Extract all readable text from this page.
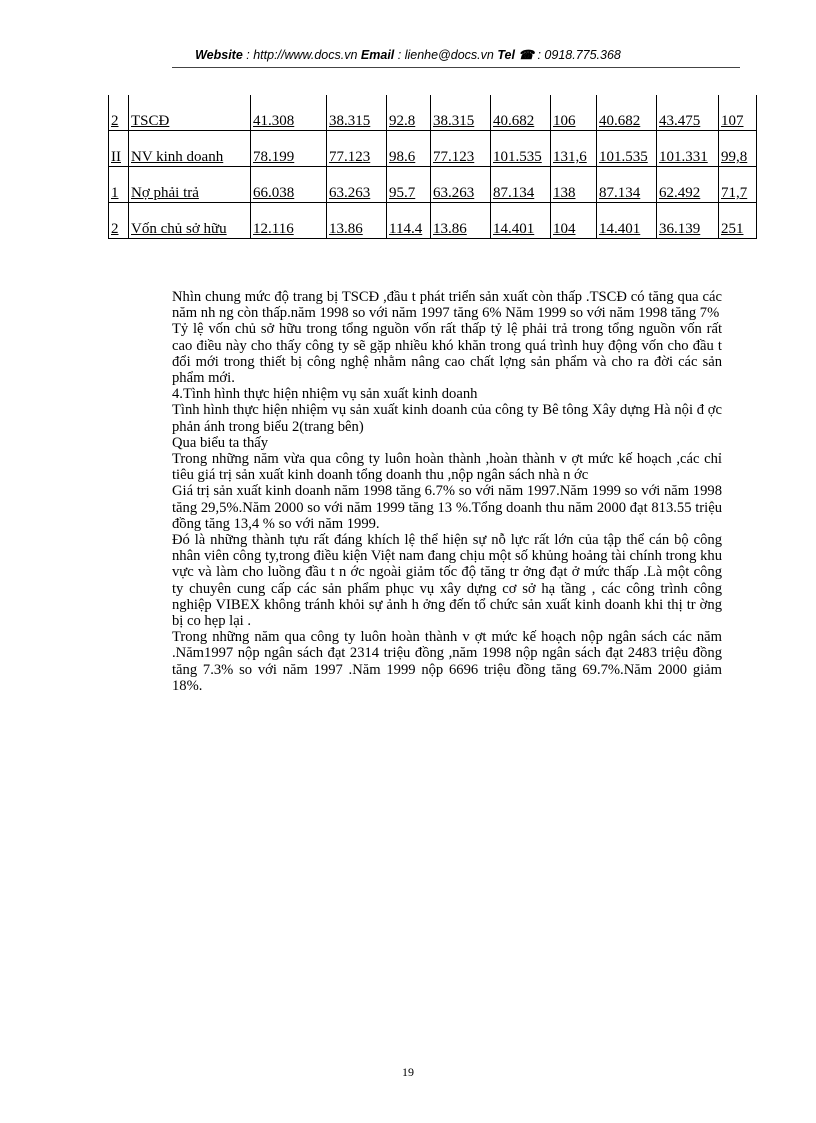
Website : http://www.docs.vn Email : lienhe@docs.vn Tel ☎ : 0918.775.368
2	TSCĐ	41.308	38.315	92.8	38.315	40.682	106	40.682	43.475	107
II	NV kinh doanh	78.199	77.123	98.6	77.123	101.535	131,6	101.535	101.331	99,8
1	Nợ phải trả	66.038	63.263	95.7	63.263	87.134	138	87.134	62.492	71,7
2	Vốn chủ sở hữu	12.116	13.86	114.4	13.86	14.401	104	14.401	36.139	251

Nhìn chung mức độ trang bị TSCĐ ,đầu t phát triển sản xuất còn thấp .TSCĐ có tăng qua các năm nh ng còn thấp.năm 1998 so với năm 1997 tăng 6% Năm 1999 so với năm 1998 tăng 7%

Tỷ lệ vốn chủ sở hữu trong tổng nguồn vốn rất thấp tỷ lệ phải trả trong tổng nguồn vốn rất cao điều này cho thấy công ty sẽ gặp nhiều khó khăn trong quá trình huy động vốn cho đầu t đổi mới trong thiết bị công nghệ nhằm nâng cao chất lợng sản phẩm và cho ra đời các sản phẩm mới.

4.Tình hình thực hiện nhiệm vụ sản xuất kinh doanh

Tình hình thực hiện nhiệm vụ sản xuất kinh doanh của công ty Bê tông Xây dựng Hà nội đ ợc phản ánh trong biểu 2(trang bên)

Qua biểu ta thấy

Trong những năm vừa qua công ty luôn hoàn thành ,hoàn thành v ợt mức kế hoạch ,các chỉ tiêu giá trị sản xuất kinh doanh tổng doanh thu ,nộp ngân sách nhà n ớc

Giá trị sản xuất kinh doanh năm 1998 tăng 6.7% so với năm 1997.Năm 1999 so với năm 1998 tăng 29,5%.Năm 2000 so với năm 1999 tăng 13 %.Tổng doanh thu năm 2000 đạt 813.55 triệu đồng tăng 13,4 % so với năm 1999.

Đó là những thành tựu rất đáng khích lệ thể hiện sự nỗ lực rất lớn của tập thể cán bộ công nhân viên công ty,trong điều kiện Việt nam đang chịu một số khủng hoảng tài chính trong khu vực và làm cho luồng đầu t n ớc ngoài giảm tốc độ tăng tr ởng đạt ở mức thấp .Là một công ty chuyên cung cấp các sản phẩm phục vụ xây dựng cơ sở hạ tầng , các công trình công nghiệp VIBEX không tránh khỏi sự ảnh h ởng đến tổ chức sản xuất kinh doanh khi thị tr ờng bị co hẹp lại .

Trong những năm qua công ty luôn hoàn thành v ợt mức kế hoạch nộp ngân sách các năm .Năm1997 nộp ngân sách đạt 2314 triệu đồng ,năm 1998 nộp ngân sách đạt 2483 triệu đồng tăng 7.3% so với năm 1997 .Năm 1999 nộp 6696 triệu đồng tăng 69.7%.Năm 2000 giảm 18%.

19
